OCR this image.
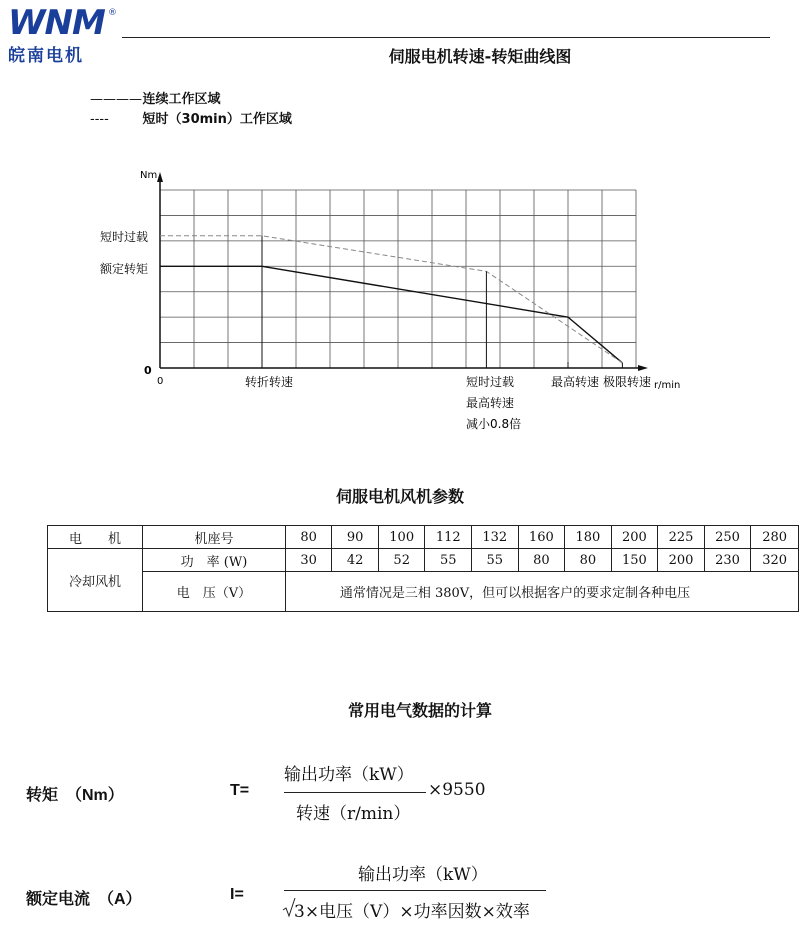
WNM ®
皖南电机	伺服电机转速-转矩曲线图
———— 连续工作区域
----	短时（30min）工作区域
Nm
r/min
0
0
短时过载
额定转矩
转折转速	短时过载
最高转速
减小0.8倍
最高转速 极限转速
伺服电机风机参数
电　　机	机座号	80	90	100	112	132	160	180	200	225	250	280
冷却风机	功　率 (W)	30	42	52	55	55	80	80	150	200	230	320
	电　压（V）	通常情况是三相 380V，但可以根据客户的要求定制各种电压										
常用电气数据的计算
转矩　（Nm）	T=
输出功率（kW）
转速（r/min）
×9550
额定电流　（A）	I=
输出功率（kW）
3×电压（V）×功率因数×效率
